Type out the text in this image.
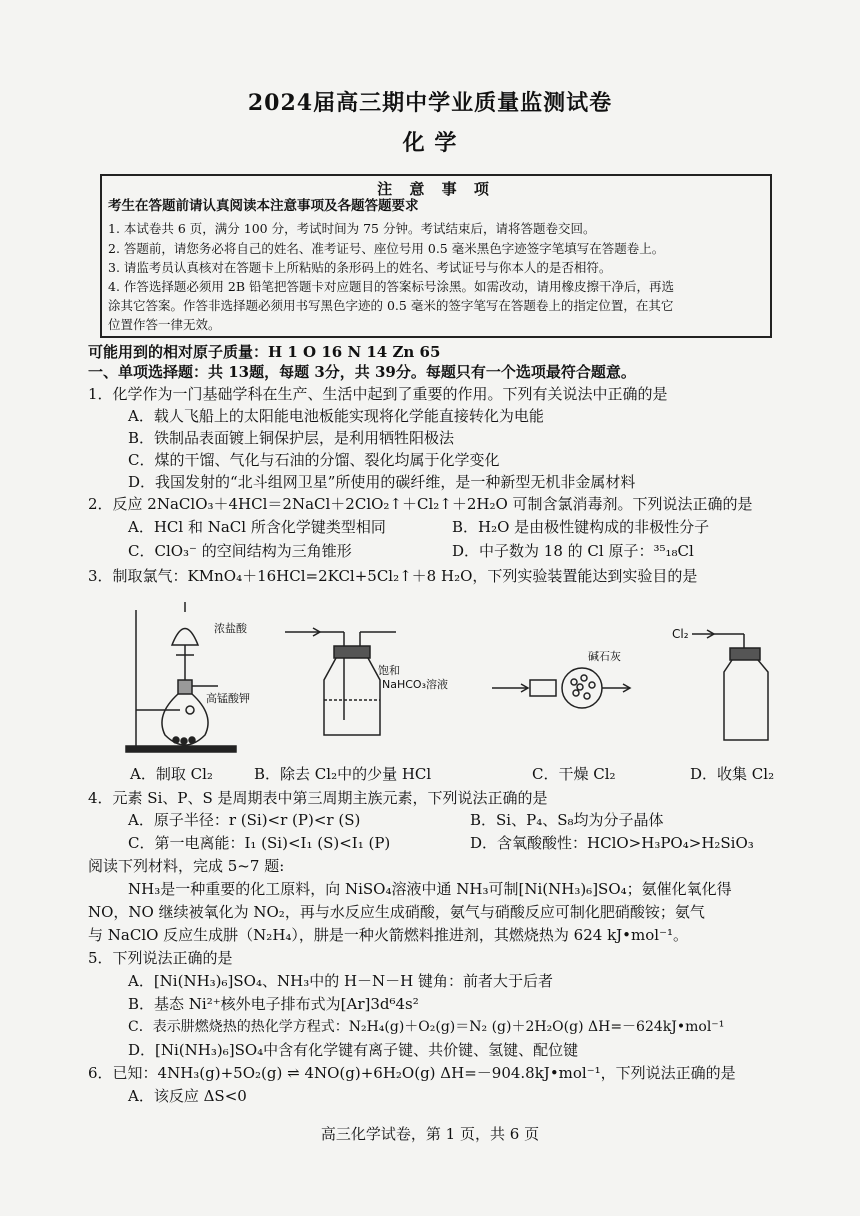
2024届高三期中学业质量监测试卷
化 学
注 意 事 项
考生在答题前请认真阅读本注意事项及各题答题要求
1. 本试卷共 6 页，满分 100 分，考试时间为 75 分钟。考试结束后，请将答题卷交回。
2. 答题前，请您务必将自己的姓名、准考证号、座位号用 0.5 毫米黑色字迹签字笔填写在答题卷上。
3. 请监考员认真核对在答题卡上所粘贴的条形码上的姓名、考试证号与你本人的是否相符。
4. 作答选择题必须用 2B 铅笔把答题卡对应题目的答案标号涂黑。如需改动，请用橡皮擦干净后，再选
涂其它答案。作答非选择题必须用书写黑色字迹的 0.5 毫米的签字笔写在答题卷上的指定位置，在其它
位置作答一律无效。
可能用到的相对原子质量：H 1 O 16 N 14 Zn 65
一、单项选择题：共 13题，每题 3分，共 39分。每题只有一个选项最符合题意。
1．化学作为一门基础学科在生产、生活中起到了重要的作用。下列有关说法中正确的是
A．载人飞船上的太阳能电池板能实现将化学能直接转化为电能
B．铁制品表面镀上铜保护层，是利用牺牲阳极法
C．煤的干馏、气化与石油的分馏、裂化均属于化学变化
D．我国发射的“北斗组网卫星”所使用的碳纤维，是一种新型无机非金属材料
2．反应 2NaClO₃＋4HCl＝2NaCl＋2ClO₂↑＋Cl₂↑＋2H₂O 可制含氯消毒剂。下列说法正确的是
A．HCl 和 NaCl 所含化学键类型相同	B．H₂O 是由极性键构成的非极性分子
C．ClO₃⁻ 的空间结构为三角锥形	D．中子数为 18 的 Cl 原子：³⁵₁₈Cl
3．制取氯气：KMnO₄＋16HCl=2KCl+5Cl₂↑＋8 H₂O，下列实验装置能达到实验目的是
浓盐酸
高锰酸钾
饱和
NaHCO₃溶液
碱石灰
Cl₂
A．制取 Cl₂	B．除去 Cl₂中的少量 HCl	C．干燥 Cl₂	D．收集 Cl₂
4．元素 Si、P、S 是周期表中第三周期主族元素，下列说法正确的是
A．原子半径：r (Si)<r (P)<r (S)	B．Si、P₄、S₈均为分子晶体
C．第一电离能：I₁ (Si)<I₁ (S)<I₁ (P)	D．含氧酸酸性：HClO>H₃PO₄>H₂SiO₃
阅读下列材料，完成 5~7 题:
NH₃是一种重要的化工原料，向 NiSO₄溶液中通 NH₃可制[Ni(NH₃)₆]SO₄；氨催化氧化得
NO，NO 继续被氧化为 NO₂，再与水反应生成硝酸，氨气与硝酸反应可制化肥硝酸铵；氨气
与 NaClO 反应生成肼（N₂H₄），肼是一种火箭燃料推进剂，其燃烧热为 624 kJ•mol⁻¹。
5．下列说法正确的是
A．[Ni(NH₃)₆]SO₄、NH₃中的 H－N－H 键角：前者大于后者
B．基态 Ni²⁺核外电子排布式为[Ar]3d⁶4s²
C．表示肼燃烧热的热化学方程式：N₂H₄(g)＋O₂(g)＝N₂ (g)＋2H₂O(g) ΔH=－624kJ•mol⁻¹
D．[Ni(NH₃)₆]SO₄中含有化学键有离子键、共价键、氢键、配位键
6．已知：4NH₃(g)+5O₂(g) ⇌ 4NO(g)+6H₂O(g) ΔH=－904.8kJ•mol⁻¹，下列说法正确的是
A．该反应 ΔS<0
高三化学试卷，第 1 页，共 6 页
